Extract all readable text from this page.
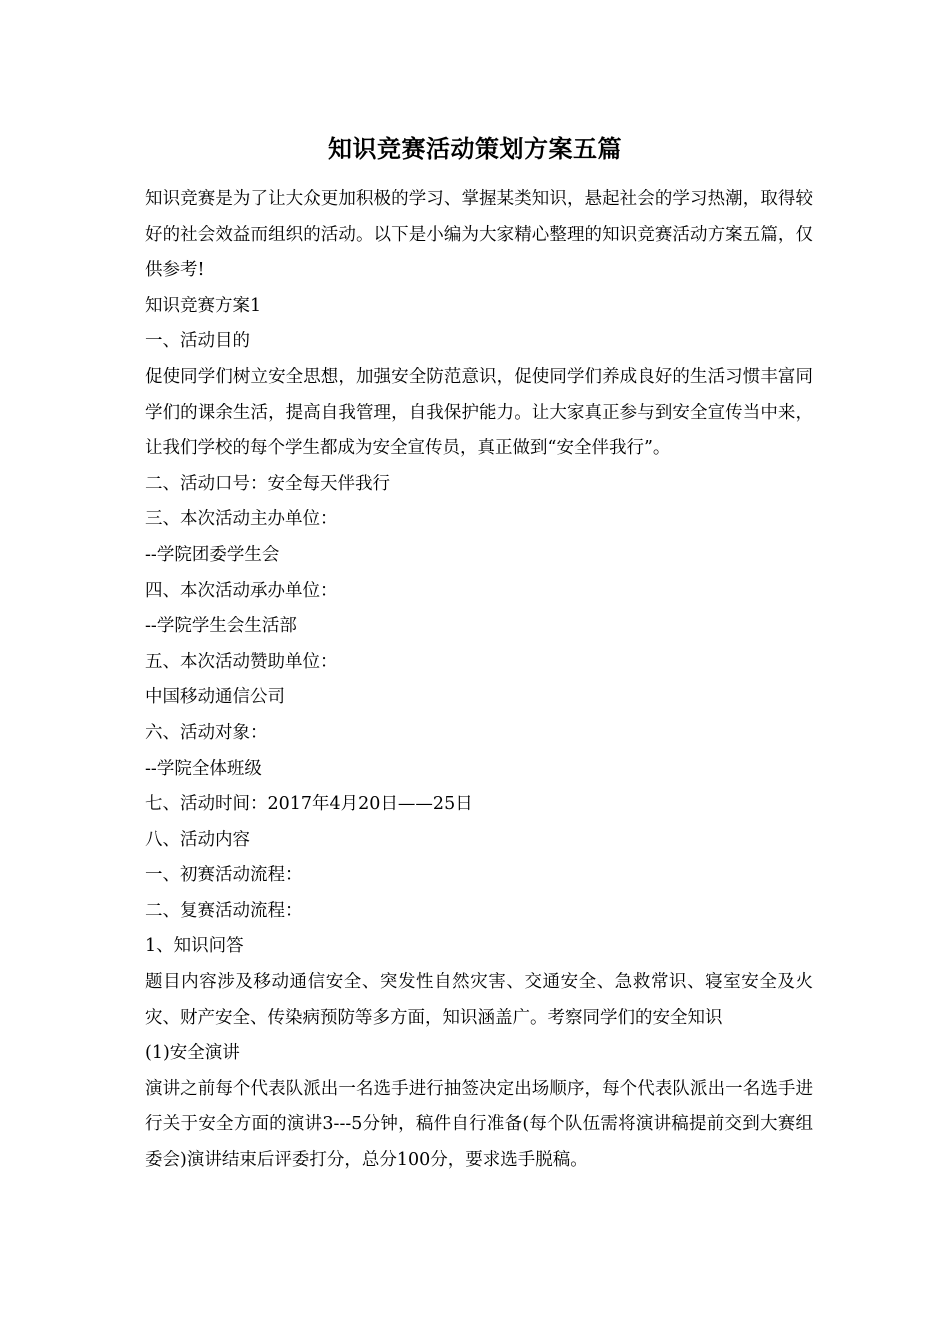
知识竞赛活动策划方案五篇

知识竞赛是为了让大众更加积极的学习、掌握某类知识，悬起社会的学习热潮，取得较好的社会效益而组织的活动。以下是小编为大家精心整理的知识竞赛活动方案五篇，仅供参考!

知识竞赛方案1

一、活动目的

促使同学们树立安全思想，加强安全防范意识，促使同学们养成良好的生活习惯丰富同学们的课余生活，提高自我管理，自我保护能力。让大家真正参与到安全宣传当中来，让我们学校的每个学生都成为安全宣传员，真正做到“安全伴我行”。

二、活动口号：安全每天伴我行

三、本次活动主办单位：

--学院团委学生会

四、本次活动承办单位：

--学院学生会生活部

五、本次活动赞助单位：

中国移动通信公司

六、活动对象：

--学院全体班级

七、活动时间：2017年4月20日——25日

八、活动内容

一、初赛活动流程：

二、复赛活动流程：

1、知识问答

题目内容涉及移动通信安全、突发性自然灾害、交通安全、急救常识、寝室安全及火灾、财产安全、传染病预防等多方面，知识涵盖广。考察同学们的安全知识

(1)安全演讲

演讲之前每个代表队派出一名选手进行抽签决定出场顺序，每个代表队派出一名选手进行关于安全方面的演讲3---5分钟，稿件自行准备(每个队伍需将演讲稿提前交到大赛组委会)演讲结束后评委打分，总分100分，要求选手脱稿。
